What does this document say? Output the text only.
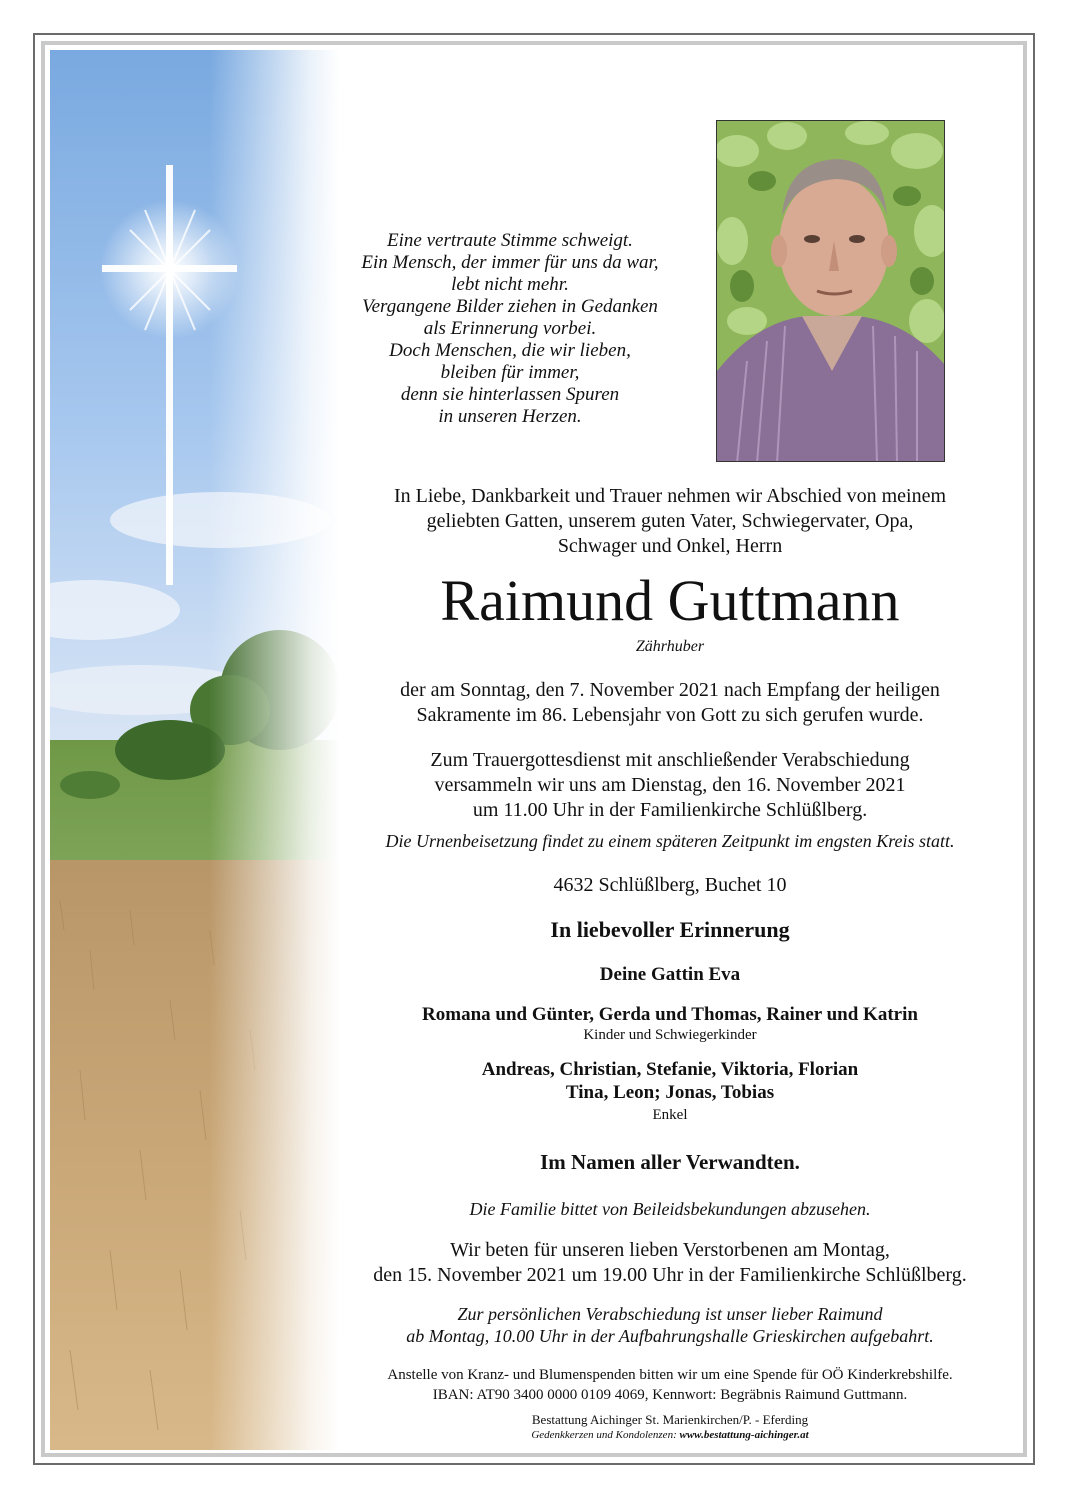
Eine vertraute Stimme schweigt.
Ein Mensch, der immer für uns da war,
lebt nicht mehr.
Vergangene Bilder ziehen in Gedanken
als Erinnerung vorbei.
Doch Menschen, die wir lieben,
bleiben für immer,
denn sie hinterlassen Spuren
in unseren Herzen.
In Liebe, Dankbarkeit und Trauer nehmen wir Abschied von meinem
geliebten Gatten, unserem guten Vater, Schwiegervater, Opa,
Schwager und Onkel, Herrn
Raimund Guttmann
Zährhuber
der am Sonntag, den 7. November 2021 nach Empfang der heiligen
Sakramente im 86. Lebensjahr von Gott zu sich gerufen wurde.
Zum Trauergottesdienst mit anschließender Verabschiedung
versammeln wir uns am Dienstag, den 16. November 2021
um 11.00 Uhr in der Familienkirche Schlüßlberg.
Die Urnenbeisetzung findet zu einem späteren Zeitpunkt im engsten Kreis statt.
4632 Schlüßlberg, Buchet 10
In liebevoller Erinnerung
Deine Gattin Eva
Romana und Günter, Gerda und Thomas, Rainer und Katrin
Kinder und Schwiegerkinder
Andreas, Christian, Stefanie, Viktoria, Florian
Tina, Leon; Jonas, Tobias
Enkel
Im Namen aller Verwandten.
Die Familie bittet von Beileidsbekundungen abzusehen.
Wir beten für unseren lieben Verstorbenen am Montag,
den 15. November 2021 um 19.00 Uhr in der Familienkirche Schlüßlberg.
Zur persönlichen Verabschiedung ist unser lieber Raimund
ab Montag, 10.00 Uhr in der Aufbahrungshalle Grieskirchen aufgebahrt.
Anstelle von Kranz- und Blumenspenden bitten wir um eine Spende für OÖ Kinderkrebshilfe.
IBAN: AT90 3400 0000 0109 4069, Kennwort: Begräbnis Raimund Guttmann.
Bestattung Aichinger St. Marienkirchen/P. - Eferding
Gedenkkerzen und Kondolenzen: www.bestattung-aichinger.at
